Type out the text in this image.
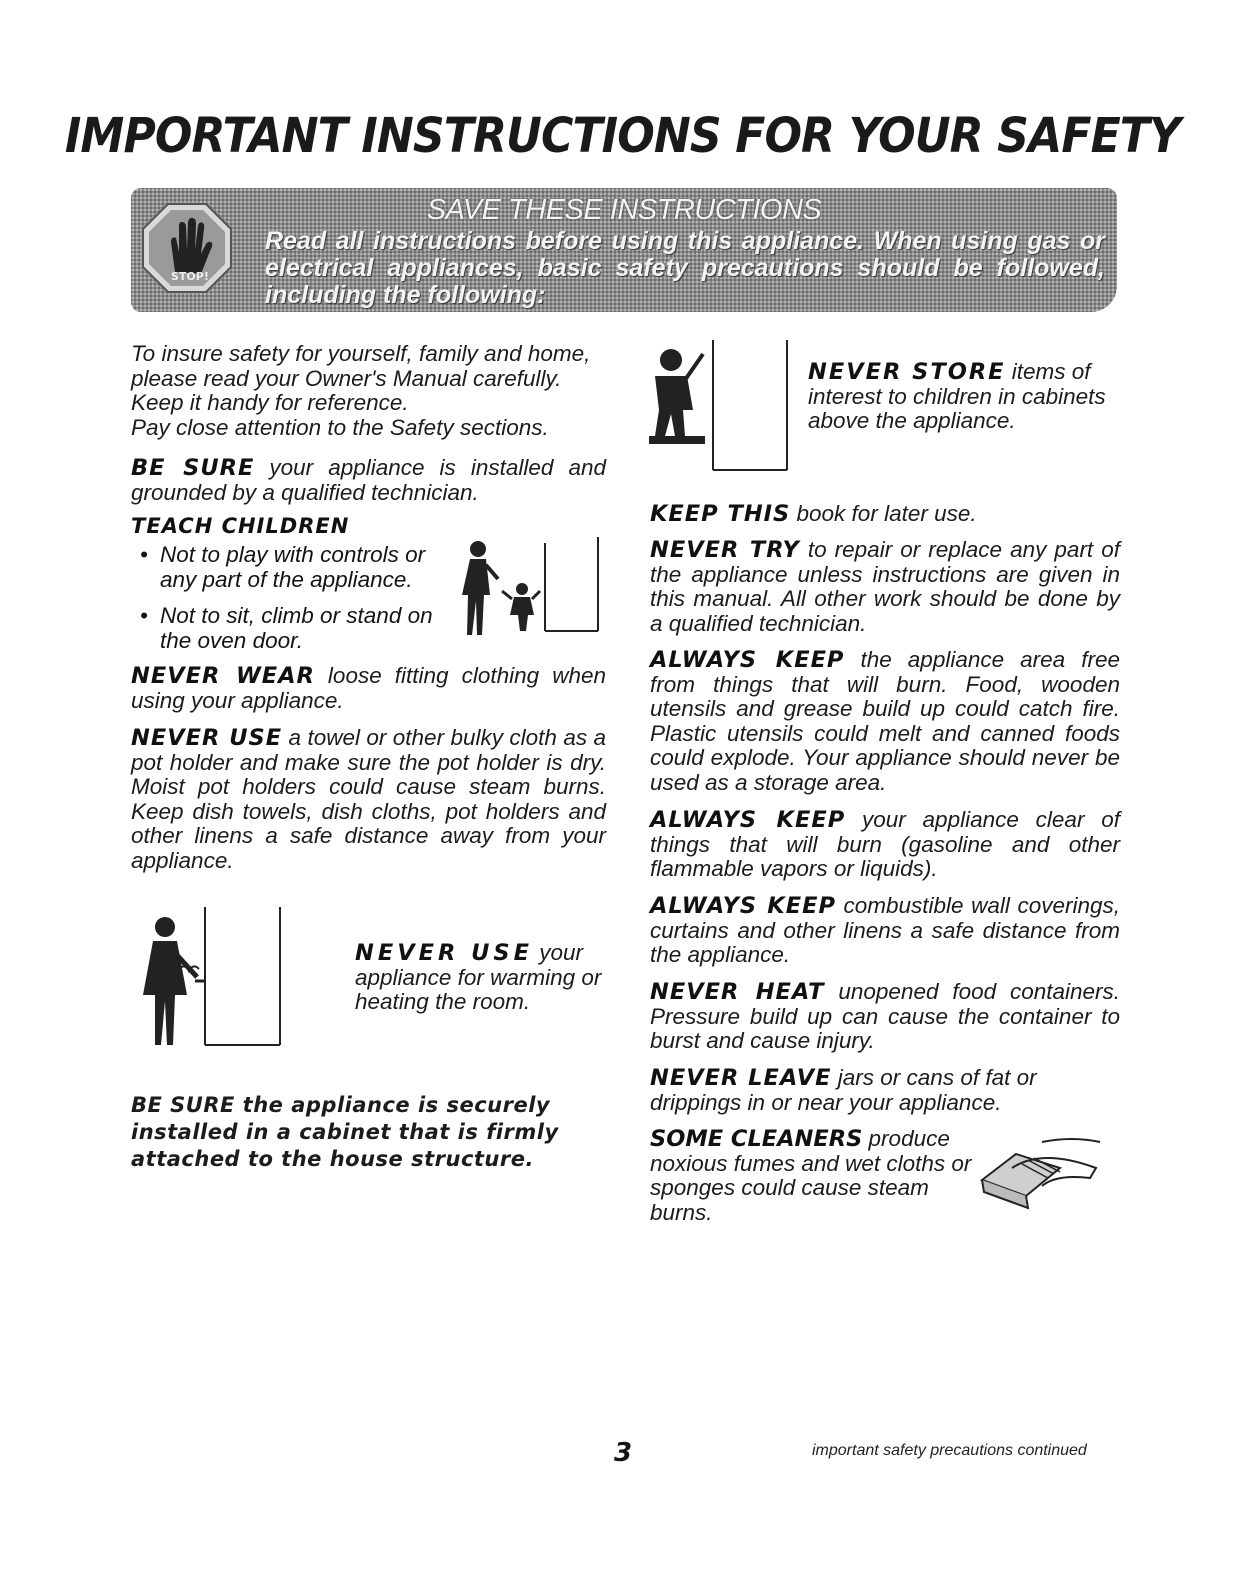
IMPORTANT INSTRUCTIONS FOR YOUR SAFETY
STOP!
SAVE THESE INSTRUCTIONS
Read all instructions before using this appliance. When using gas or electrical appliances, basic safety precautions should be followed, including the following:
To insure safety for yourself, family and home, please read your Owner's Manual carefully. Keep it handy for reference.
Pay close attention to the Safety sections.
BE SURE your appliance is installed and grounded by a qualified technician.
TEACH CHILDREN
• Not to play with controls or any part of the appliance.
• Not to sit, climb or stand on the oven door.
NEVER WEAR loose fitting clothing when using your appliance.
NEVER USE a towel or other bulky cloth as a pot holder and make sure the pot holder is dry. Moist pot holders could cause steam burns. Keep dish towels, dish cloths, pot holders and other linens a safe distance away from your appliance.
NEVER USE your appliance for warming or heating the room.
BE SURE the appliance is securely installed in a cabinet that is firmly attached to the house structure.
NEVER STORE items of interest to children in cabinets above the appliance.
KEEP THIS book for later use.
NEVER TRY to repair or replace any part of the appliance unless instructions are given in this manual. All other work should be done by a qualified technician.
ALWAYS KEEP the appliance area free from things that will burn. Food, wooden utensils and grease build up could catch fire. Plastic utensils could melt and canned foods could explode. Your appliance should never be used as a storage area.
ALWAYS KEEP your appliance clear of things that will burn (gasoline and other flammable vapors or liquids).
ALWAYS KEEP combustible wall coverings, curtains and other linens a safe distance from the appliance.
NEVER HEAT unopened food containers. Pressure build up can cause the container to burst and cause injury.
NEVER LEAVE jars or cans of fat or drippings in or near your appliance.
SOME CLEANERS produce noxious fumes and wet cloths or sponges could cause steam burns.
3	important safety precautions continued
